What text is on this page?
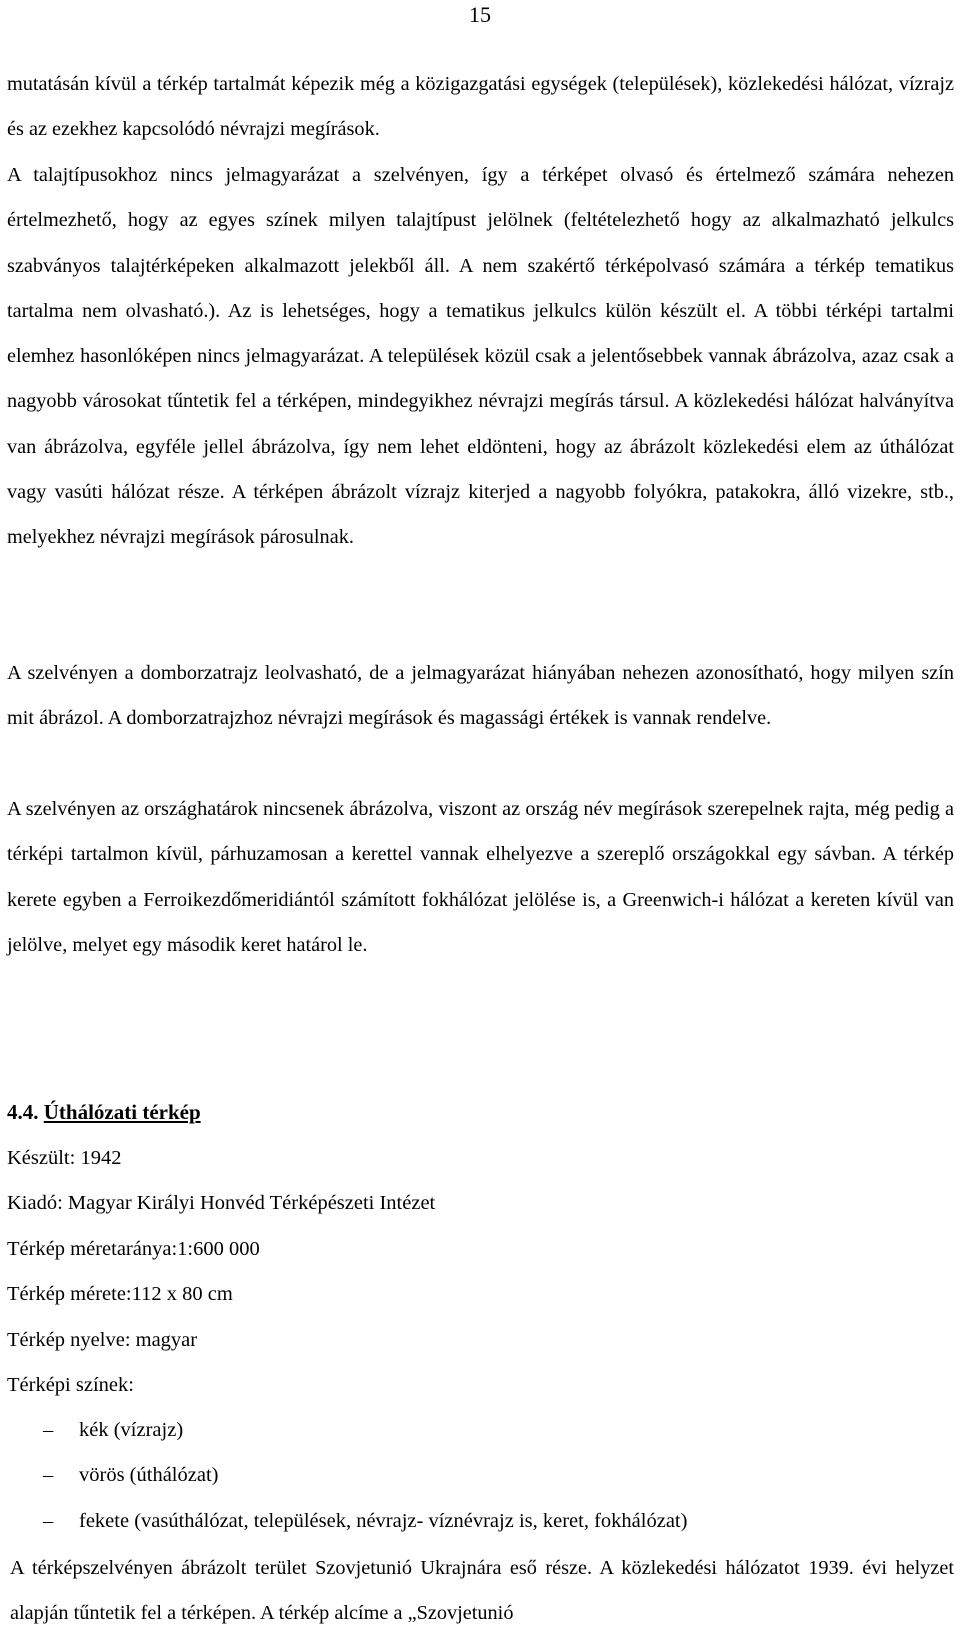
15

mutatásán kívül a térkép tartalmát képezik még a közigazgatási egységek (települések), közlekedési hálózat, vízrajz és az ezekhez kapcsolódó névrajzi megírások.

A talajtípusokhoz nincs jelmagyarázat a szelvényen, így a térképet olvasó és értelmező számára nehezen értelmezhető, hogy az egyes színek milyen talajtípust jelölnek (feltételezhető hogy az alkalmazható jelkulcs szabványos talajtérképeken alkalmazott jelekből áll. A nem szakértő térképolvasó számára a térkép tematikus tartalma nem olvasható.). Az is lehetséges, hogy a tematikus jelkulcs külön készült el. A többi térképi tartalmi elemhez hasonlóképen nincs jelmagyarázat. A települések közül csak a jelentősebbek vannak ábrázolva, azaz csak a nagyobb városokat tűntetik fel a térképen, mindegyikhez névrajzi megírás társul. A közlekedési hálózat halványítva van ábrázolva, egyféle jellel ábrázolva, így nem lehet eldönteni, hogy az ábrázolt közlekedési elem az úthálózat vagy vasúti hálózat része. A térképen ábrázolt vízrajz kiterjed a nagyobb folyókra, patakokra, álló vizekre, stb., melyekhez névrajzi megírások párosulnak.

A szelvényen a domborzatrajz leolvasható, de a jelmagyarázat hiányában nehezen azonosítható, hogy milyen szín mit ábrázol. A domborzatrajzhoz névrajzi megírások és magassági értékek is vannak rendelve.

A szelvényen az országhatárok nincsenek ábrázolva, viszont az ország név megírások szerepelnek rajta, még pedig a térképi tartalmon kívül, párhuzamosan a kerettel vannak elhelyezve a szereplő országokkal egy sávban. A térkép kerete egyben a Ferroikezdőmeridiántól számított fokhálózat jelölése is, a Greenwich-i hálózat a kereten kívül van jelölve, melyet egy második keret határol le.

4.4. Úthálózati térkép
Készült: 1942
Kiadó: Magyar Királyi Honvéd Térképészeti Intézet
Térkép méretaránya:1:600 000
Térkép mérete:112 x 80 cm
Térkép nyelve: magyar
Térképi színek:
– kék (vízrajz)
– vörös (úthálózat)
– fekete (vasúthálózat, települések, névrajz- víznévrajz is, keret, fokhálózat)

A térképszelvényen ábrázolt terület Szovjetunió Ukrajnára eső része. A közlekedési hálózatot 1939. évi helyzet alapján tűntetik fel a térképen. A térkép alcíme a „Szovjetunió
